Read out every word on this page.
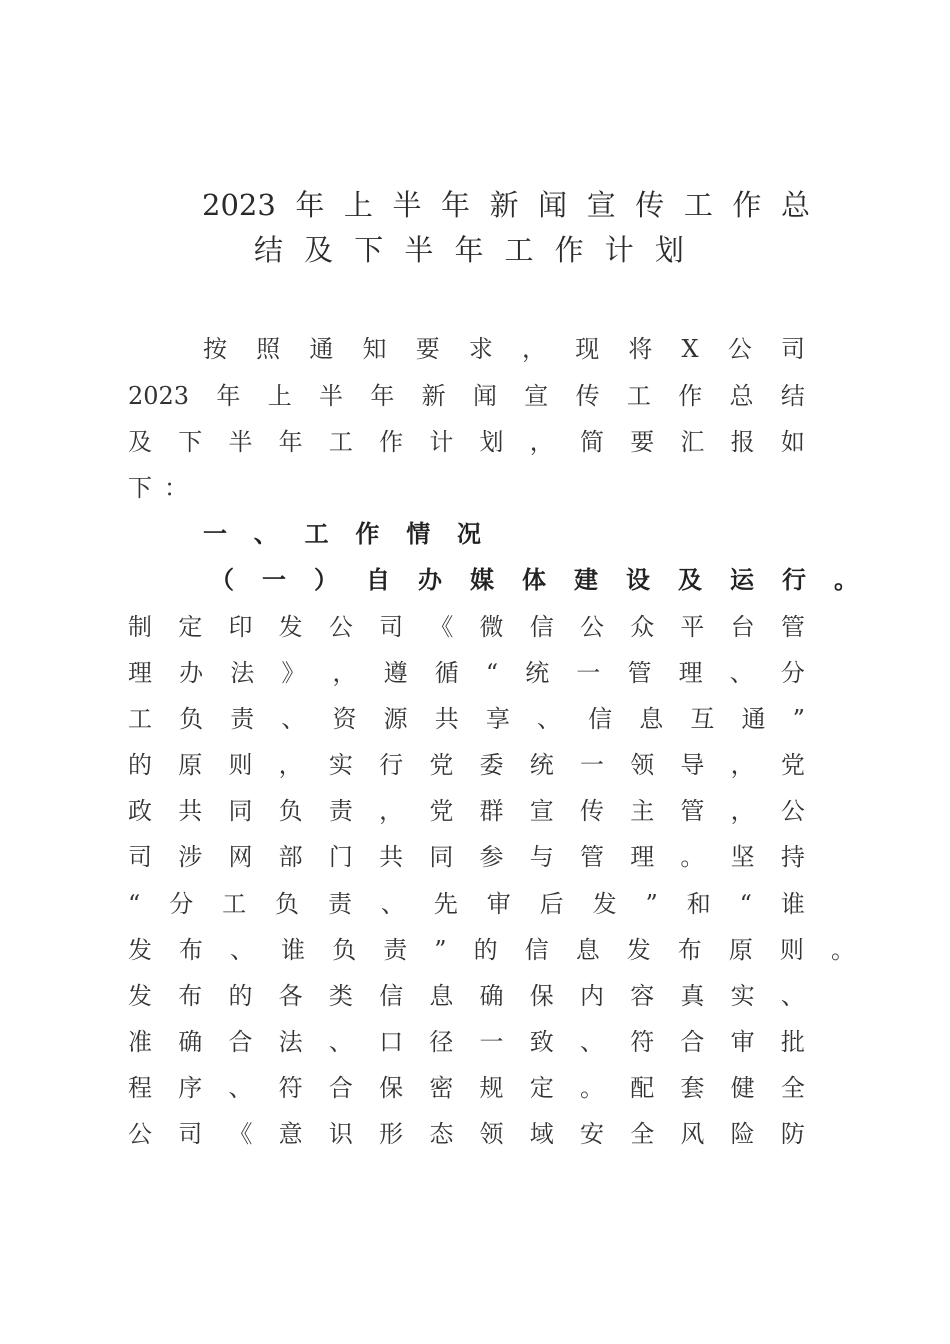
2023 年 上 半 年 新 闻 宣 传 工 作 总
结 及 下 半 年 工 作 计 划
按 照 通 知 要 求 ， 现 将 X 公 司
2023 年 上 半 年 新 闻 宣 传 工 作 总 结
及 下 半 年 工 作 计 划 ， 简 要 汇 报 如
下 ：
一 、 工 作 情 况
（ 一 ） 自 办 媒 体 建 设 及 运 行 。
制 定 印 发 公 司 《 微 信 公 众 平 台 管
理 办 法 》 ， 遵 循 “ 统 一 管 理 、 分
工 负 责 、 资 源 共 享 、 信 息 互 通 ”
的 原 则 ， 实 行 党 委 统 一 领 导 ， 党
政 共 同 负 责 ， 党 群 宣 传 主 管 ， 公
司 涉 网 部 门 共 同 参 与 管 理 。 坚 持
“ 分 工 负 责 、 先 审 后 发 ” 和 “ 谁
发 布 、 谁 负 责 ” 的 信 息 发 布 原 则 。
发 布 的 各 类 信 息 确 保 内 容 真 实 、
准 确 合 法 、 口 径 一 致 、 符 合 审 批
程 序 、 符 合 保 密 规 定 。 配 套 健 全
公 司 《 意 识 形 态 领 域 安 全 风 险 防
